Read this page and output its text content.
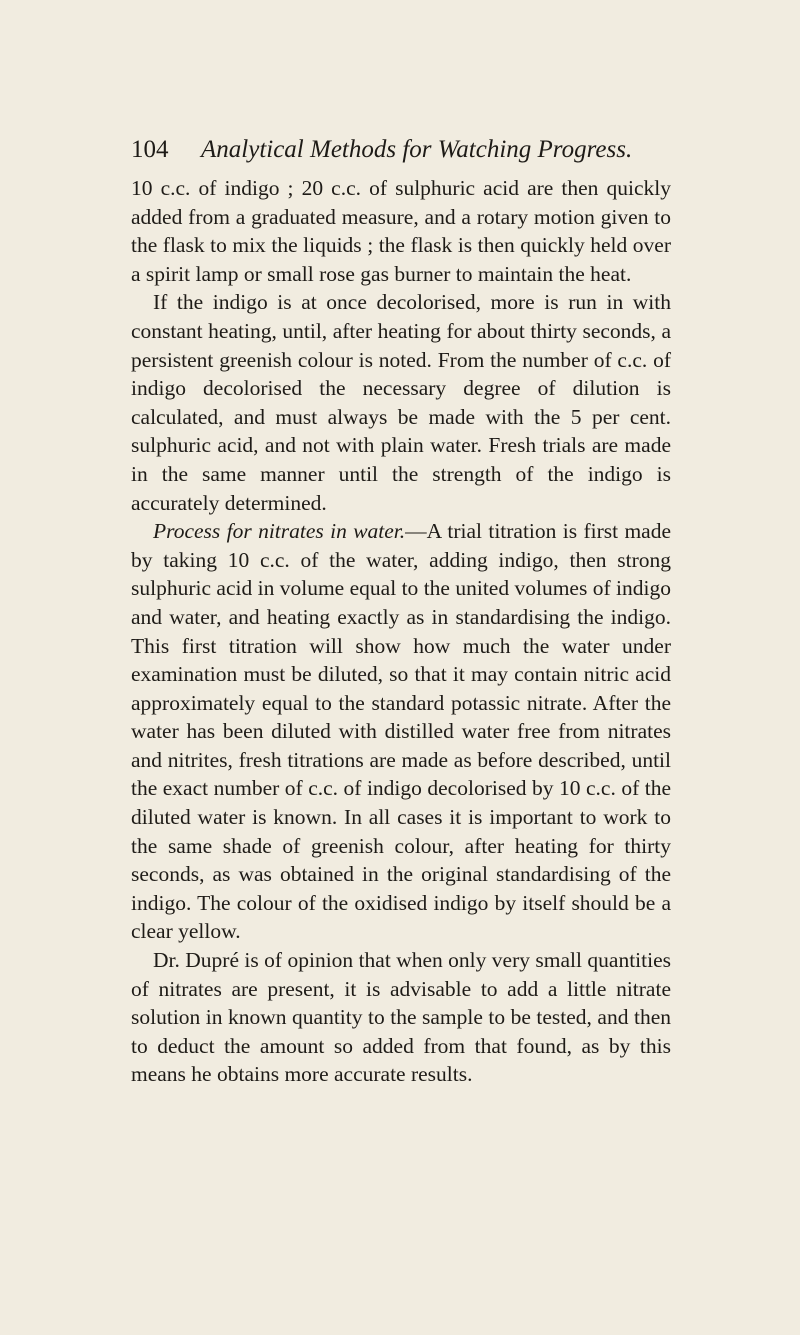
104 Analytical Methods for Watching Progress.

10 c.c. of indigo ; 20 c.c. of sulphuric acid are then quickly added from a graduated measure, and a rotary motion given to the flask to mix the liquids ; the flask is then quickly held over a spirit lamp or small rose gas burner to maintain the heat.

If the indigo is at once decolorised, more is run in with constant heating, until, after heating for about thirty seconds, a persistent greenish colour is noted. From the number of c.c. of indigo decolorised the necessary degree of dilution is calculated, and must always be made with the 5 per cent. sulphuric acid, and not with plain water. Fresh trials are made in the same manner until the strength of the indigo is accurately determined.

Process for nitrates in water.—A trial titration is first made by taking 10 c.c. of the water, adding indigo, then strong sulphuric acid in volume equal to the united volumes of indigo and water, and heating exactly as in standardising the indigo. This first titration will show how much the water under examination must be diluted, so that it may contain nitric acid approximately equal to the standard potassic nitrate. After the water has been diluted with distilled water free from nitrates and nitrites, fresh titrations are made as before described, until the exact number of c.c. of indigo decolorised by 10 c.c. of the diluted water is known. In all cases it is important to work to the same shade of greenish colour, after heating for thirty seconds, as was obtained in the original standardising of the indigo. The colour of the oxidised indigo by itself should be a clear yellow.

Dr. Dupré is of opinion that when only very small quantities of nitrates are present, it is advisable to add a little nitrate solution in known quantity to the sample to be tested, and then to deduct the amount so added from that found, as by this means he obtains more accurate results.
